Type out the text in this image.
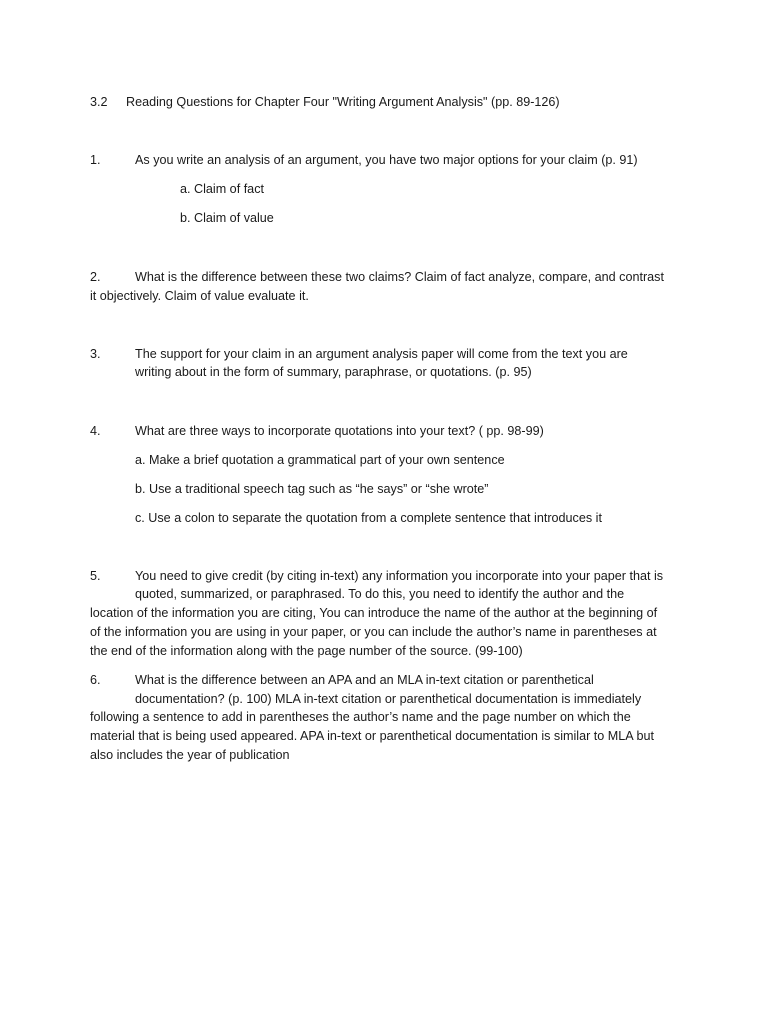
3.2 Reading Questions for Chapter Four "Writing Argument Analysis" (pp. 89-126)
1.	As you write an analysis of an argument, you have two major options for your claim (p. 91)
a. Claim of fact
b. Claim of value
2.	What is the difference between these two claims? Claim of fact analyze, compare, and contrast
it objectively. Claim of value evaluate it.
3.	The support for your claim in an argument analysis paper will come from the text you are
writing about in the form of summary, paraphrase, or quotations. (p. 95)
4.	What are three ways to incorporate quotations into your text? ( pp. 98-99)
a. Make a brief quotation a grammatical part of your own sentence
b. Use a traditional speech tag such as “he says” or “she wrote”
c. Use a colon to separate the quotation from a complete sentence that introduces it
5.	You need to give credit (by citing in-text) any information you incorporate into your paper that is
quoted, summarized, or paraphrased. To do this, you need to identify the author and the
location of the information you are citing, You can introduce the name of the author at the beginning of
of the information you are using in your paper, or you can include the author’s name in parentheses at
the end of the information along with the page number of the source. (99-100)
6.	What is the difference between an APA and an MLA in-text citation or parenthetical
documentation? (p. 100) MLA in-text citation or parenthetical documentation is immediately
following a sentence to add in parentheses the author’s name and the page number on which the
material that is being used appeared. APA in-text or parenthetical documentation is similar to MLA but
also includes the year of publication
